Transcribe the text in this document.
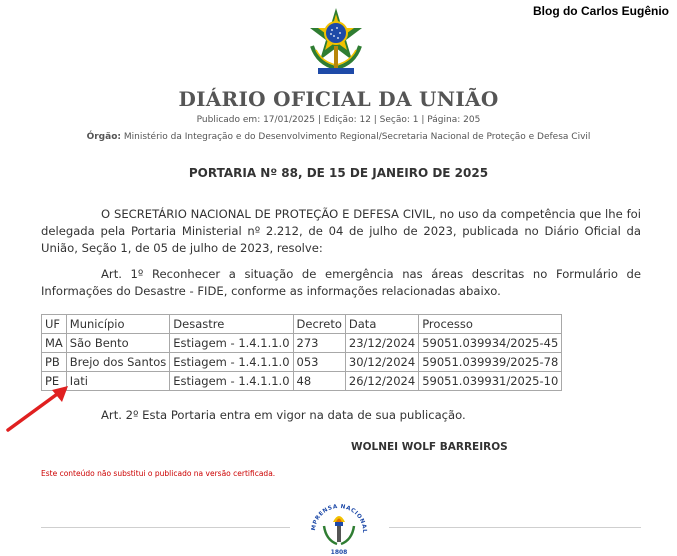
Blog do Carlos Eugênio
DIÁRIO OFICIAL DA UNIÃO
Publicado em: 17/01/2025 | Edição: 12 | Seção: 1 | Página: 205
Órgão: Ministério da Integração e do Desenvolvimento Regional/Secretaria Nacional de Proteção e Defesa Civil
PORTARIA Nº 88, DE 15 DE JANEIRO DE 2025
O SECRETÁRIO NACIONAL DE PROTEÇÃO E DEFESA CIVIL, no uso da competência que lhe foi delegada pela Portaria Ministerial nº 2.212, de 04 de julho de 2023, publicada no Diário Oficial da União, Seção 1, de 05 de julho de 2023, resolve:
Art. 1º Reconhecer a situação de emergência nas áreas descritas no Formulário de Informações do Desastre - FIDE, conforme as informações relacionadas abaixo.
UF	Município	Desastre	Decreto	Data	Processo
MA	São Bento	Estiagem - 1.4.1.1.0	273	23/12/2024	59051.039934/2025-45
PB	Brejo dos Santos	Estiagem - 1.4.1.1.0	053	30/12/2024	59051.039939/2025-78
PE	Iati	Estiagem - 1.4.1.1.0	48	26/12/2024	59051.039931/2025-10
Art. 2º Esta Portaria entra em vigor na data de sua publicação.
WOLNEI WOLF BARREIROS
Este conteúdo não substitui o publicado na versão certificada.
MPRENSA NACIONAL
1808
